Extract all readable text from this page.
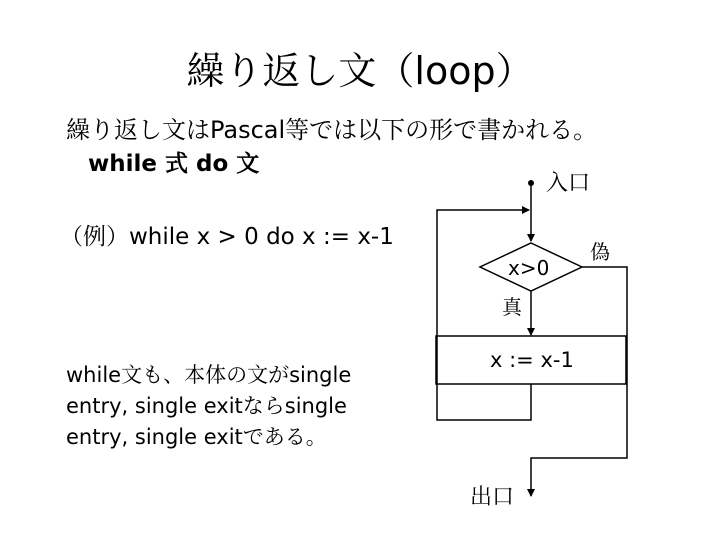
繰り返し文（loop）
繰り返し文はPascal等では以下の形で書かれる。
while 式 do 文
（例）while x > 0 do x := x-1
while文も、本体の文がsingle entry, single exitならsingle entry, single exitである。
入口
x>0
偽
真
x := x-1
出口
